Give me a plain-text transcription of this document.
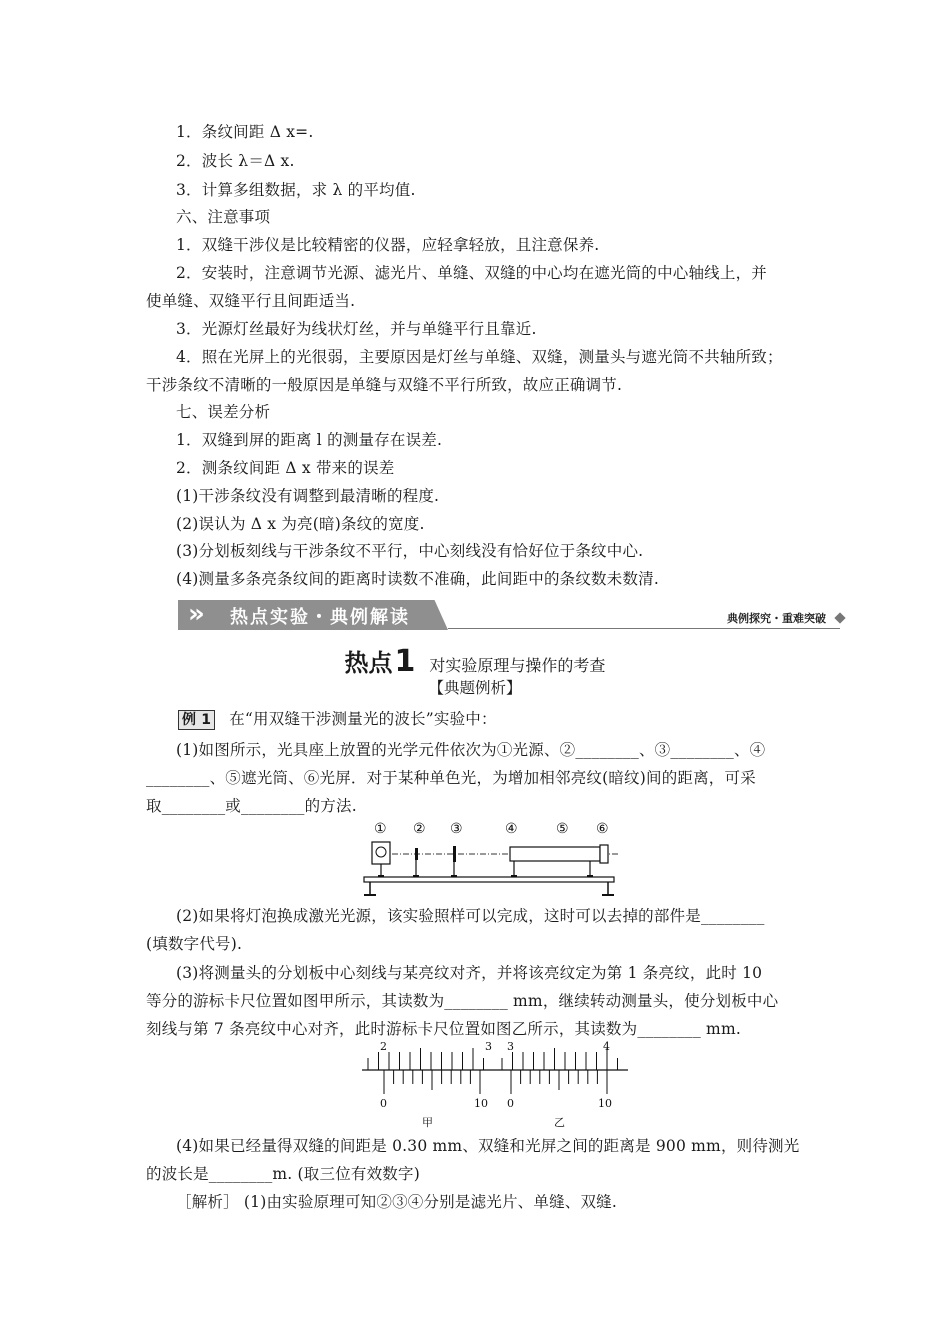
1．条纹间距 Δ x=.
2．波长 λ＝Δ x.
3．计算多组数据，求 λ 的平均值.
六、注意事项
1．双缝干涉仪是比较精密的仪器，应轻拿轻放，且注意保养.
2．安装时，注意调节光源、滤光片、单缝、双缝的中心均在遮光筒的中心轴线上，并
使单缝、双缝平行且间距适当.
3．光源灯丝最好为线状灯丝，并与单缝平行且靠近.
4．照在光屏上的光很弱，主要原因是灯丝与单缝、双缝，测量头与遮光筒不共轴所致；
干涉条纹不清晰的一般原因是单缝与双缝不平行所致，故应正确调节.
七、误差分析
1．双缝到屏的距离 l 的测量存在误差.
2．测条纹间距 Δ x 带来的误差
(1)干涉条纹没有调整到最清晰的程度.
(2)误认为 Δ x 为亮(暗)条纹的宽度.
(3)分划板刻线与干涉条纹不平行，中心刻线没有恰好位于条纹中心.
(4)测量多条亮条纹间的距离时读数不准确，此间距中的条纹数未数清.
»	热点实验・典例解读	典例探究・重难突破
热点1 对实验原理与操作的考查
【典题例析】
例 1 在“用双缝干涉测量光的波长”实验中：
(1)如图所示，光具座上放置的光学元件依次为①光源、②________、③________、④
________、⑤遮光筒、⑥光屏．对于某种单色光，为增加相邻亮纹(暗纹)间的距离，可采
取________或________的方法.
① ② ③	④	⑤ ⑥
(2)如果将灯泡换成激光光源，该实验照样可以完成，这时可以去掉的部件是________
(填数字代号).
(3)将测量头的分划板中心刻线与某亮纹对齐，并将该亮纹定为第 1 条亮纹，此时 10
等分的游标卡尺位置如图甲所示，其读数为________ mm，继续转动测量头，使分划板中心
刻线与第 7 条亮纹中心对齐，此时游标卡尺位置如图乙所示，其读数为________ mm.
2	3 3	4
0	10 0	10
甲	乙
(4)如果已经量得双缝的间距是 0.30 mm、双缝和光屏之间的距离是 900 mm，则待测光
的波长是________m. (取三位有效数字)
［解析］ (1)由实验原理可知②③④分别是滤光片、单缝、双缝.
